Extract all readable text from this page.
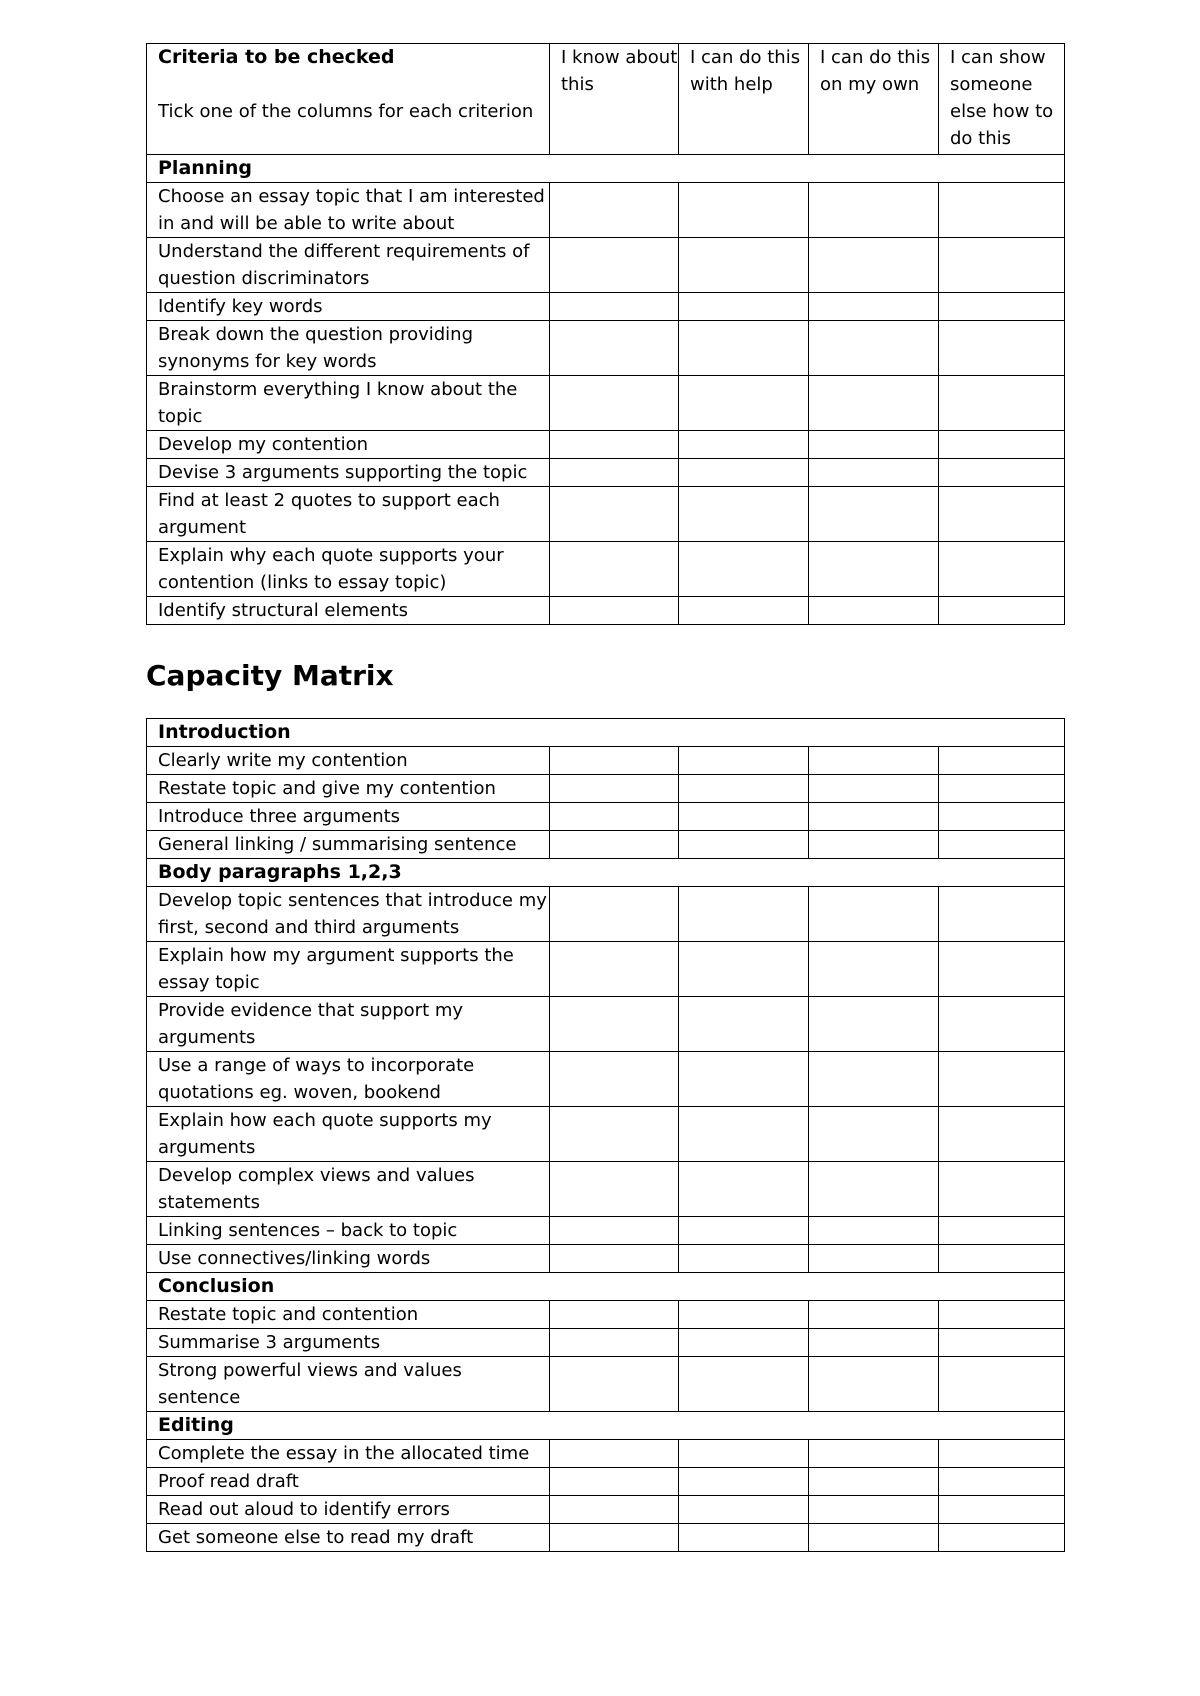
Criteria to be checked
Tick one of the columns for each criterion	I know about this	I can do this with help	I can do this on my own	I can show someone else how to do this
Planning				
Choose an essay topic that I am interested in and will be able to write about				
Understand the different requirements of question discriminators				
Identify key words				
Break down the question providing synonyms for key words				
Brainstorm everything I know about the topic				
Develop my contention				
Devise 3 arguments supporting the topic				
Find at least 2 quotes to support each argument				
Explain why each quote supports your contention (links to essay topic)				
Identify structural elements				
Capacity Matrix
Introduction				
Clearly write my contention				
Restate topic and give my contention				
Introduce three arguments				
General linking / summarising sentence				
Body paragraphs 1,2,3				
Develop topic sentences that introduce my first, second and third arguments				
Explain how my argument supports the essay topic				
Provide evidence that support my arguments				
Use a range of ways to incorporate quotations eg. woven, bookend				
Explain how each quote supports my arguments				
Develop complex views and values statements				
Linking sentences – back to topic				
Use connectives/linking words				
Conclusion				
Restate topic and contention				
Summarise 3 arguments				
Strong powerful views and values sentence				
Editing				
Complete the essay in the allocated time				
Proof read draft				
Read out aloud to identify errors				
Get someone else to read my draft				
